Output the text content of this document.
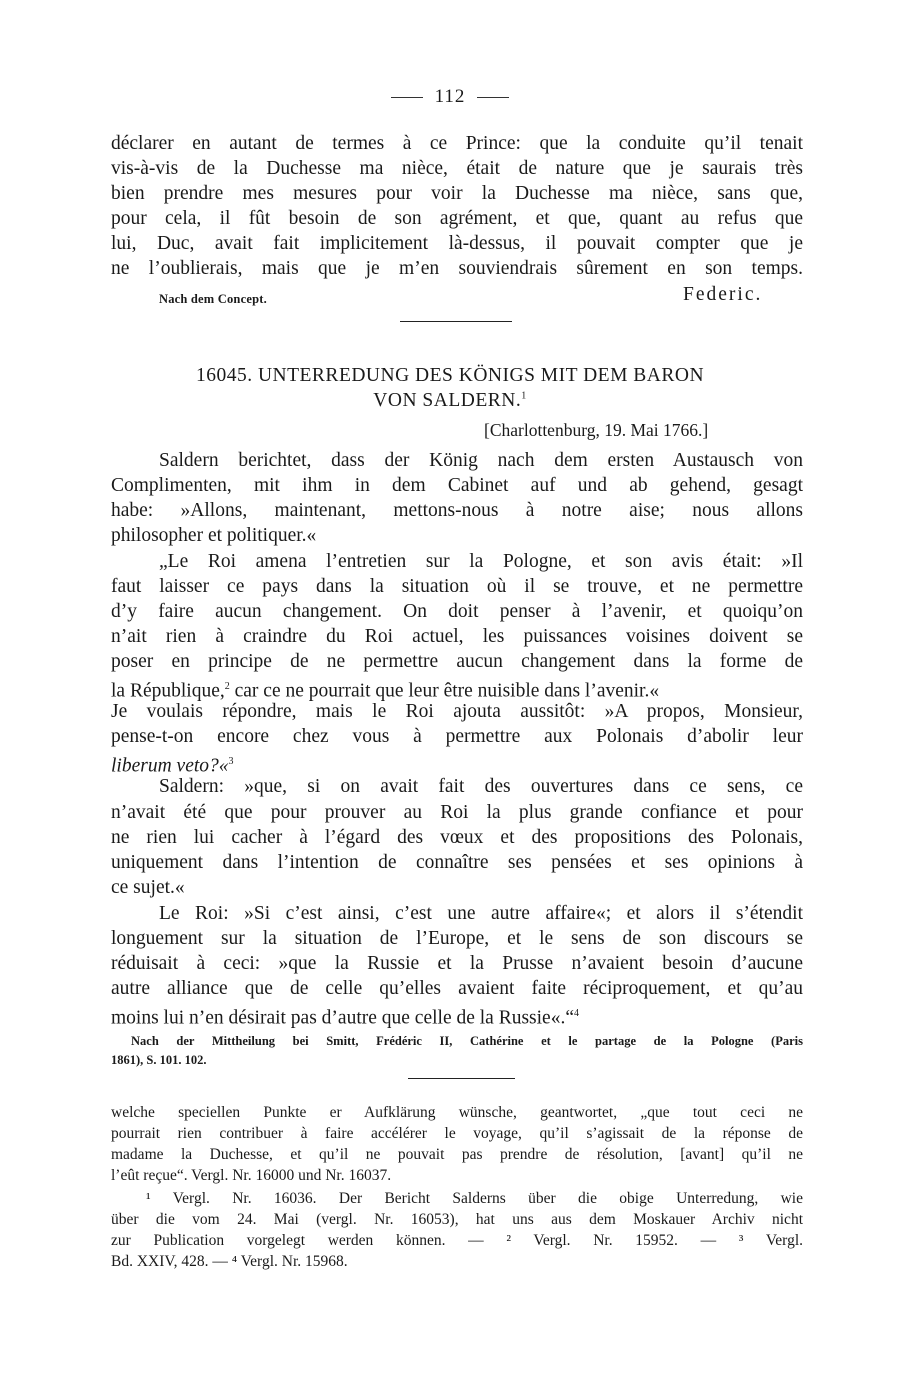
112
déclarer en autant de termes à ce Prince: que la conduite qu’il tenait
vis-à-vis de la Duchesse ma nièce, était de nature que je saurais très
bien prendre mes mesures pour voir la Duchesse ma nièce, sans que,
pour cela, il fût besoin de son agrément, et que, quant au refus que
lui, Duc, avait fait implicitement là-dessus, il pouvait compter que je
ne l’oublierais, mais que je m’en souviendrais sûrement en son temps.
Nach dem Concept.	Federic.
16045. UNTERREDUNG DES KÖNIGS MIT DEM BARON
VON SALDERN.$^1$
[Charlottenburg, 19. Mai 1766.]
Saldern berichtet, dass der König nach dem ersten Austausch von
Complimenten, mit ihm in dem Cabinet auf und ab gehend, gesagt
habe: »Allons, maintenant, mettons-nous à notre aise; nous allons
philosopher et politiquer.«
„Le Roi amena l’entretien sur la Pologne, et son avis était: »Il
faut laisser ce pays dans la situation où il se trouve, et ne permettre
d’y faire aucun changement. On doit penser à l’avenir, et quoiqu’on
n’ait rien à craindre du Roi actuel, les puissances voisines doivent se
poser en principe de ne permettre aucun changement dans la forme de
la République,$^2$ car ce ne pourrait que leur être nuisible dans l’avenir.«
Je voulais répondre, mais le Roi ajouta aussitôt: »A propos, Monsieur,
pense-t-on encore chez vous à permettre aux Polonais d’abolir leur
liberum veto?«$^3$
Saldern: »que, si on avait fait des ouvertures dans ce sens, ce
n’avait été que pour prouver au Roi la plus grande confiance et pour
ne rien lui cacher à l’égard des vœux et des propositions des Polonais,
uniquement dans l’intention de connaître ses pensées et ses opinions à
ce sujet.«
Le Roi: »Si c’est ainsi, c’est une autre affaire«; et alors il s’étendit
longuement sur la situation de l’Europe, et le sens de son discours se
réduisait à ceci: »que la Russie et la Prusse n’avaient besoin d’aucune
autre alliance que de celle qu’elles avaient faite réciproquement, et qu’au
moins lui n’en désirait pas d’autre que celle de la Russie«.“$^4$
Nach der Mittheilung bei Smitt, Frédéric II, Cathérine et le partage de la Pologne (Paris
1861), S. 101. 102.
welche speciellen Punkte er Aufklärung wünsche, geantwortet, „que tout ceci ne
pourrait rien contribuer à faire accélérer le voyage, qu’il s’agissait de la réponse de
madame la Duchesse, et qu’il ne pouvait pas prendre de résolution, [avant] qu’il ne
l’eût reçue“. Vergl. Nr. 16000 und Nr. 16037.
¹ Vergl. Nr. 16036. Der Bericht Salderns über die obige Unterredung, wie
über die vom 24. Mai (vergl. Nr. 16053), hat uns aus dem Moskauer Archiv nicht
zur Publication vorgelegt werden können. — ² Vergl. Nr. 15952. — ³ Vergl.
Bd. XXIV, 428. — ⁴ Vergl. Nr. 15968.
